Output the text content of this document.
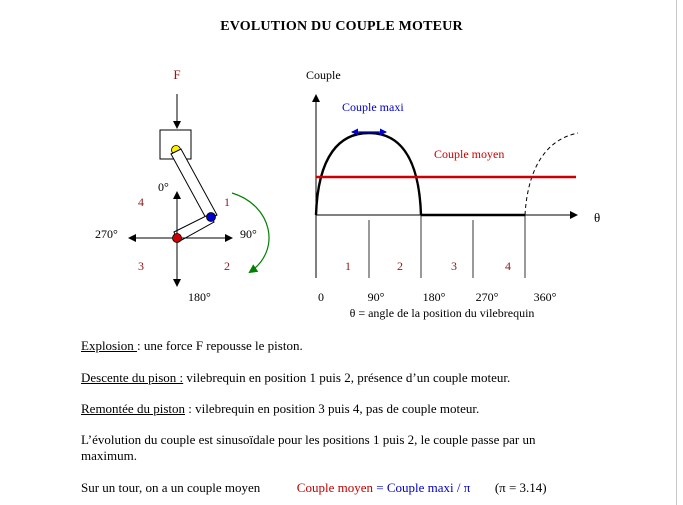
EVOLUTION DU COUPLE MOTEUR
F
0°
90°
180°
270°
1
2
3
4
Couple
θ
Couple moyen
Couple maxi
1	2	3	4
0	90°	180°	270°	360°
θ = angle de la position du vilebrequin
Explosion : une force F repousse le piston.
Descente du pison : vilebrequin en position 1 puis 2, présence d’un couple moteur.
Remontée du piston : vilebrequin en position 3 puis 4, pas de couple moteur.
L’évolution du couple est sinusoïdale pour les positions 1 puis 2, le couple passe par un maximum.
Sur un tour, on a un couple moyen	Couple moyen = Couple maxi / π (π = 3.14)
